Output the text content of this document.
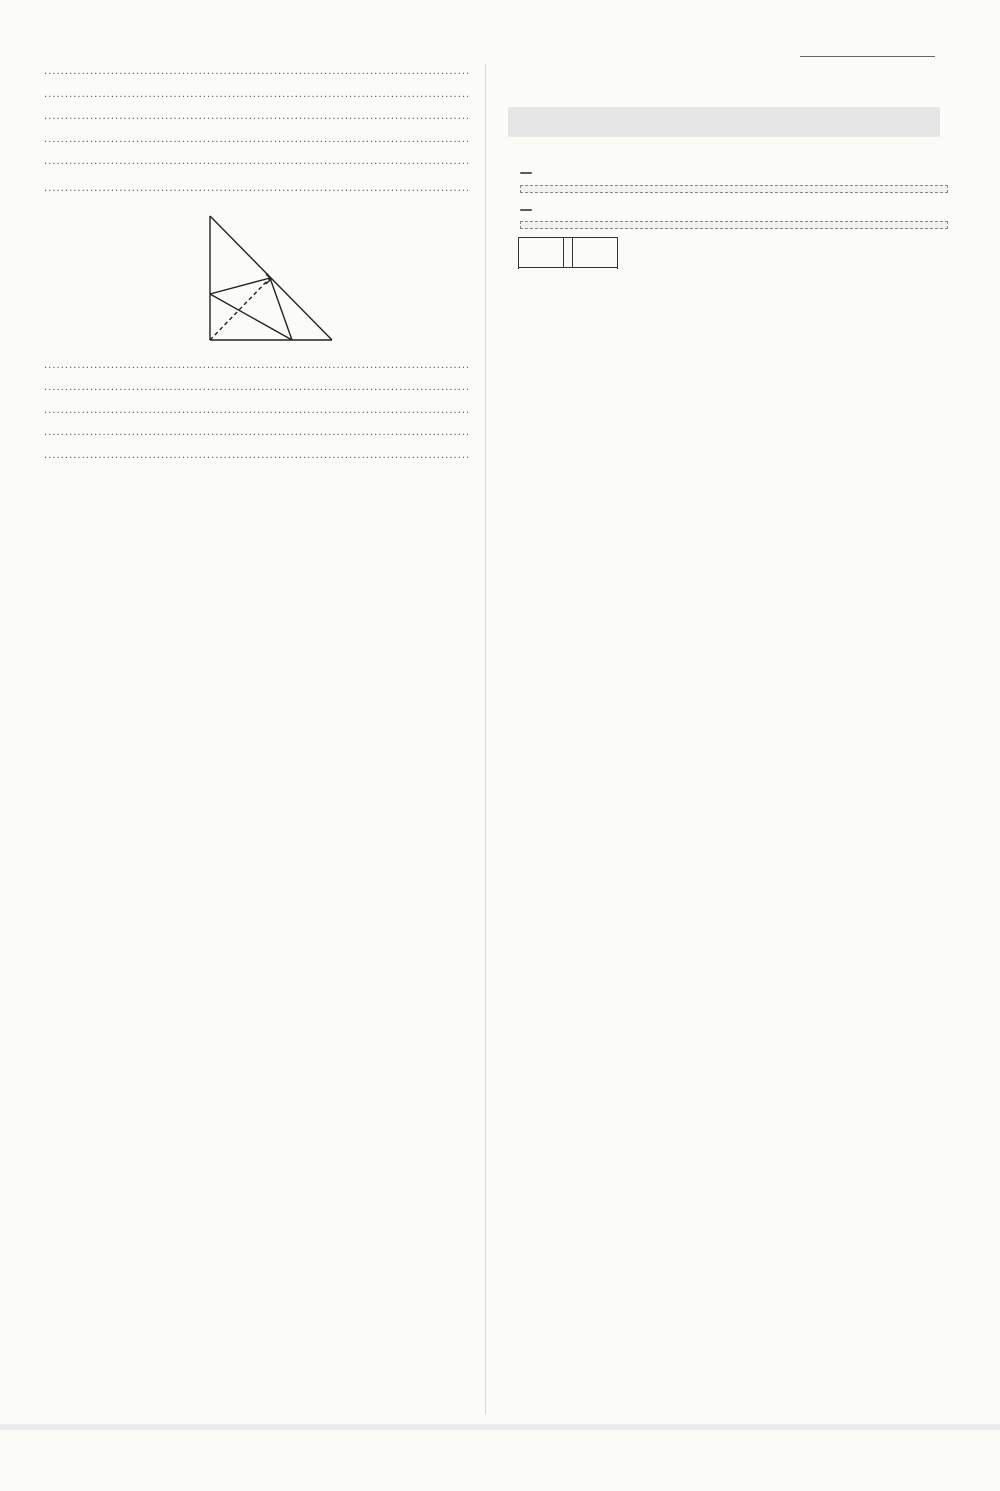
·····
·····
·····
·····
·····
·····
·····
·····
·····
·····
·····
